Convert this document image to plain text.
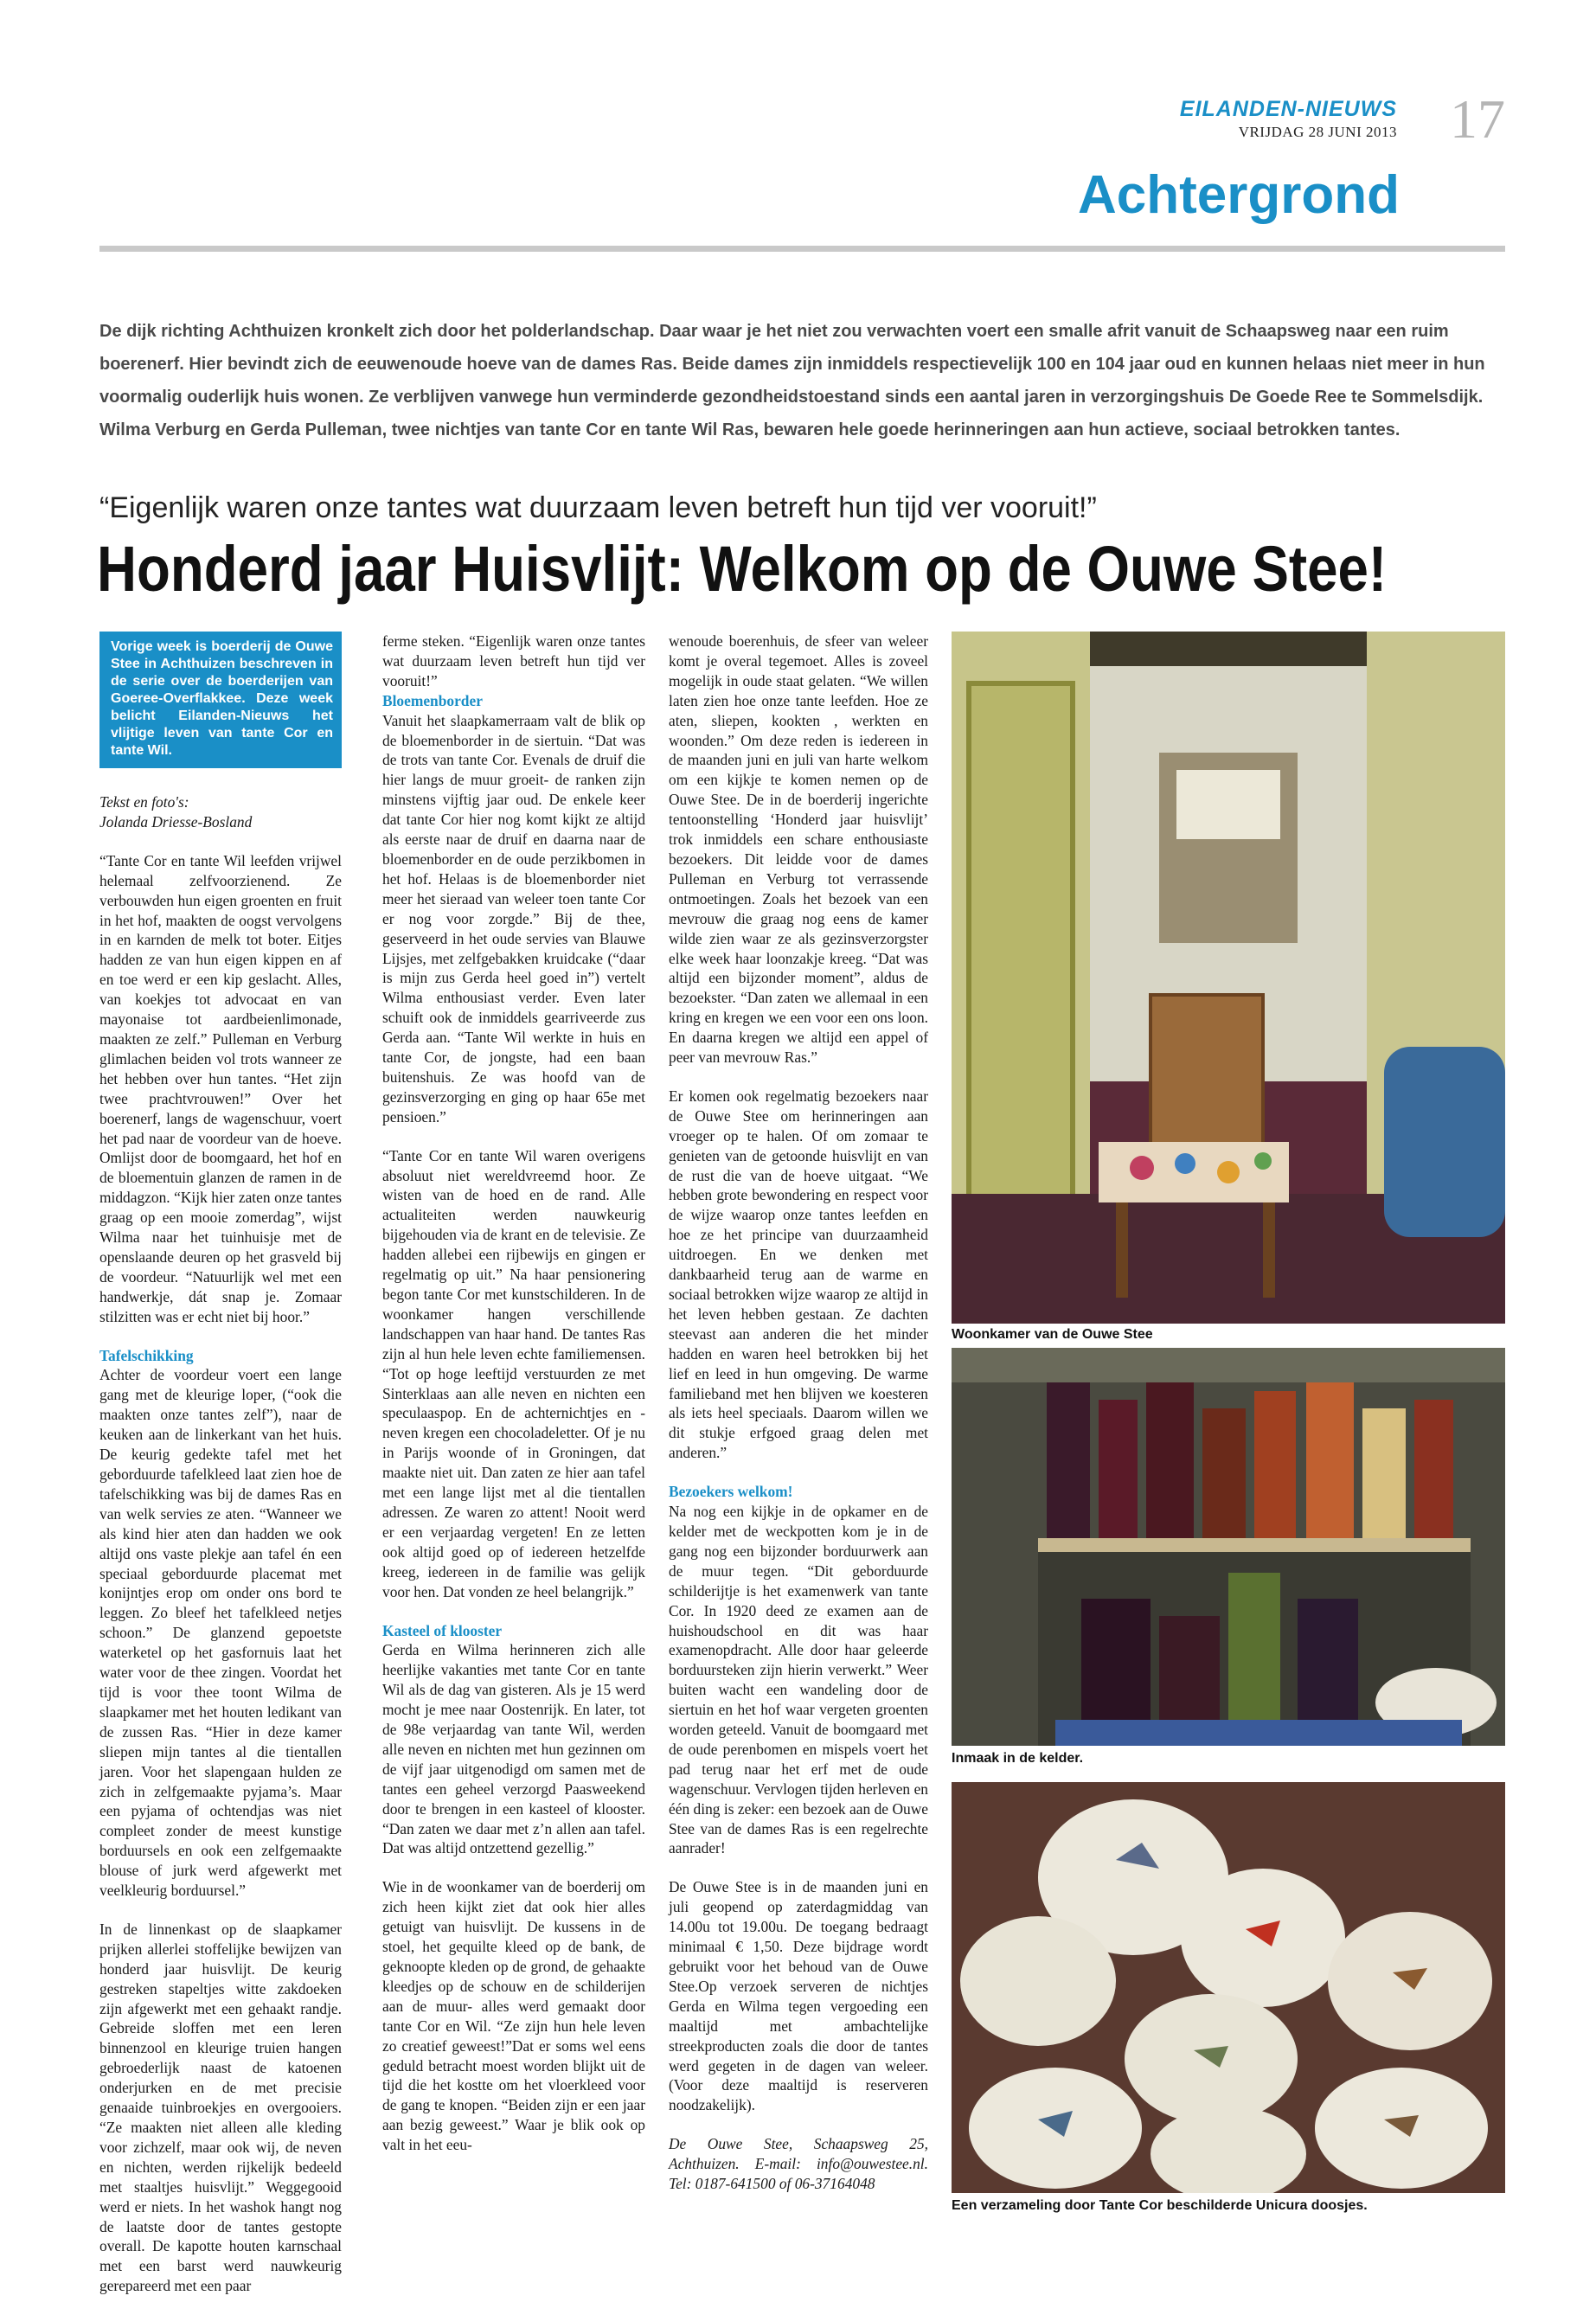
EILANDEN-NIEUWS
VRIJDAG 28 JUNI 2013 17
Achtergrond
De dijk richting Achthuizen kronkelt zich door het polderlandschap. Daar waar je het niet zou verwachten voert een smalle afrit vanuit de Schaapsweg naar een ruim boerenerf. Hier bevindt zich de eeuwenoude hoeve van de dames Ras. Beide dames zijn inmiddels respectievelijk 100 en 104 jaar oud en kunnen helaas niet meer in hun voormalig ouderlijk huis wonen. Ze verblijven vanwege hun verminderde gezondheidstoestand sinds een aantal jaren in verzorgingshuis De Goede Ree te Sommelsdijk. Wilma Verburg en Gerda Pulleman, twee nichtjes van tante Cor en tante Wil Ras, bewaren hele goede herinneringen aan hun actieve, sociaal betrokken tantes.
“Eigenlijk waren onze tantes wat duurzaam leven betreft hun tijd ver vooruit!”
Honderd jaar Huisvlijt: Welkom op de Ouwe Stee!
Vorige week is boerderij de Ouwe Stee in Achthuizen beschreven in de serie over de boerderijen van Goeree-Overflakkee. Deze week belicht Eilanden-Nieuws het vlijtige leven van tante Cor en tante Wil.
Tekst en foto's:
Jolanda Driesse-Bosland

“Tante Cor en tante Wil leefden vrijwel helemaal zelfvoorzienend. Ze verbouwden hun eigen groenten en fruit in het hof, maakten de oogst vervolgens in en karnden de melk tot boter. Eitjes hadden ze van hun eigen kippen en af en toe werd er een kip geslacht. Alles, van koekjes tot advocaat en van mayonaise tot aardbeienlimonade, maakten ze zelf.” Pulleman en Verburg glimlachen beiden vol trots wanneer ze het hebben over hun tantes. “Het zijn twee prachtvrouwen!” Over het boerenerf, langs de wagenschuur, voert het pad naar de voordeur van de hoeve. Omlijst door de boomgaard, het hof en de bloementuin glanzen de ramen in de middagzon. “Kijk hier zaten onze tantes graag op een mooie zomerdag”, wijst Wilma naar het tuinhuisje met de openslaande deuren op het grasveld bij de voordeur. “Natuurlijk wel met een handwerkje, dát snap je. Zomaar stilzitten was er echt niet bij hoor.”

Tafelschikking

Achter de voordeur voert een lange gang met de kleurige loper, (“ook die maakten onze tantes zelf”), naar de keuken aan de linkerkant van het huis. De keurig gedekte tafel met het geborduurde tafelkleed laat zien hoe de tafelschikking was bij de dames Ras en van welk servies ze aten. “Wanneer we als kind hier aten dan hadden we ook altijd ons vaste plekje aan tafel én een speciaal geborduurde placemat met konijntjes erop om onder ons bord te leggen. Zo bleef het tafelkleed netjes schoon.” De glanzend gepoetste waterketel op het gasfornuis laat het water voor de thee zingen. Voordat het tijd is voor thee toont Wilma de slaapkamer met het houten ledikant van de zussen Ras. “Hier in deze kamer sliepen mijn tantes al die tientallen jaren. Voor het slapengaan hulden ze zich in zelfgemaakte pyjama’s. Maar een pyjama of ochtendjas was niet compleet zonder de meest kunstige borduursels en ook een zelfgemaakte blouse of jurk werd afgewerkt met veelkleurig borduursel.”

In de linnenkast op de slaapkamer prijken allerlei stoffelijke bewijzen van honderd jaar huisvlijt. De keurig gestreken stapeltjes witte zakdoeken zijn afgewerkt met een gehaakt randje. Gebreide sloffen met een leren binnenzool en kleurige truien hangen gebroederlijk naast de katoenen onderjurken en de met precisie genaaide tuinbroekjes en overgooiers. “Ze maakten niet alleen alle kleding voor zichzelf, maar ook wij, de neven en nichten, werden rijkelijk bedeeld met staaltjes huisvlijt.” Weggegooid werd er niets. In het washok hangt nog de laatste door de tantes gestopte overall. De kapotte houten karnschaal met een barst werd nauwkeurig gerepareerd met een paar

ferme steken. “Eigenlijk waren onze tantes wat duurzaam leven betreft hun tijd ver vooruit!”

Bloemenborder

Vanuit het slaapkamerraam valt de blik op de bloemenborder in de siertuin. “Dat was de trots van tante Cor. Evenals de druif die hier langs de muur groeit- de ranken zijn minstens vijftig jaar oud. De enkele keer dat tante Cor hier nog komt kijkt ze altijd als eerste naar de druif en daarna naar de bloemenborder en de oude perzikbomen in het hof. Helaas is de bloemenborder niet meer het sieraad van weleer toen tante Cor er nog voor zorgde.” Bij de thee, geserveerd in het oude servies van Blauwe Lijsjes, met zelfgebakken kruidcake (“daar is mijn zus Gerda heel goed in”) vertelt Wilma enthousiast verder. Even later schuift ook de inmiddels gearriveerde zus Gerda aan. “Tante Wil werkte in huis en tante Cor, de jongste, had een baan buitenshuis. Ze was hoofd van de gezinsverzorging en ging op haar 65e met pensioen.”

“Tante Cor en tante Wil waren overigens absoluut niet wereldvreemd hoor. Ze wisten van de hoed en de rand. Alle actualiteiten werden nauwkeurig bijgehouden via de krant en de televisie. Ze hadden allebei een rijbewijs en gingen er regelmatig op uit.” Na haar pensionering begon tante Cor met kunstschilderen. In de woonkamer hangen verschillende landschappen van haar hand. De tantes Ras zijn al hun hele leven echte familiemensen. “Tot op hoge leeftijd verstuurden ze met Sinterklaas aan alle neven en nichten een speculaaspop. En de achternichtjes en -neven kregen een chocoladeletter. Of je nu in Parijs woonde of in Groningen, dat maakte niet uit. Dan zaten ze hier aan tafel met een lange lijst met al die tientallen adressen. Ze waren zo attent! Nooit werd er een verjaardag vergeten! En ze letten ook altijd goed op of iedereen hetzelfde kreeg, iedereen in de familie was gelijk voor hen. Dat vonden ze heel belangrijk.”

Kasteel of klooster

Gerda en Wilma herinneren zich alle heerlijke vakanties met tante Cor en tante Wil als de dag van gisteren. Als je 15 werd mocht je mee naar Oostenrijk. En later, tot de 98e verjaardag van tante Wil, werden alle neven en nichten met hun gezinnen om de vijf jaar uitgenodigd om samen met de tantes een geheel verzorgd Paasweekend door te brengen in een kasteel of klooster. “Dan zaten we daar met z’n allen aan tafel. Dat was altijd ontzettend gezellig.”

Wie in de woonkamer van de boerderij om zich heen kijkt ziet dat ook hier alles getuigt van huisvlijt. De kussens in de stoel, het gequilte kleed op de bank, de geknoopte kleden op de grond, de gehaakte kleedjes op de schouw en de schilderijen aan de muur- alles werd gemaakt door tante Cor en Wil. “Ze zijn hun hele leven zo creatief geweest!”Dat er soms wel eens geduld betracht moest worden blijkt uit de tijd die het kostte om het vloerkleed voor de gang te knopen. “Beiden zijn er een jaar aan bezig geweest.” Waar je blik ook op valt in het eeu-

wenoude boerenhuis, de sfeer van weleer komt je overal tegemoet. Alles is zoveel mogelijk in oude staat gelaten. “We willen laten zien hoe onze tante leefden. Hoe ze aten, sliepen, kookten , werkten en woonden.” Om deze reden is iedereen in de maanden juni en juli van harte welkom om een kijkje te komen nemen op de Ouwe Stee. De in de boerderij ingerichte tentoonstelling ‘Honderd jaar huisvlijt’ trok inmiddels een schare enthousiaste bezoekers. Dit leidde voor de dames Pulleman en Verburg tot verrassende ontmoetingen. Zoals het bezoek van een mevrouw die graag nog eens de kamer wilde zien waar ze als gezinsverzorgster elke week haar loonzakje kreeg. “Dat was altijd een bijzonder moment”, aldus de bezoekster. “Dan zaten we allemaal in een kring en kregen we een voor een ons loon. En daarna kregen we altijd een appel of peer van mevrouw Ras.”

Er komen ook regelmatig bezoekers naar de Ouwe Stee om herinneringen aan vroeger op te halen. Of om zomaar te genieten van de getoonde huisvlijt en van de rust die van de hoeve uitgaat. “We hebben grote bewondering en respect voor de wijze waarop onze tantes leefden en hoe ze het principe van duurzaamheid uitdroegen. En we denken met dankbaarheid terug aan de warme en sociaal betrokken wijze waarop ze altijd in het leven hebben gestaan. Ze dachten steevast aan anderen die het minder hadden en waren heel betrokken bij het lief en leed in hun omgeving. De warme familieband met hen blijven we koesteren als iets heel speciaals. Daarom willen we dit stukje erfgoed graag delen met anderen.”

Bezoekers welkom!

Na nog een kijkje in de opkamer en de kelder met de weckpotten kom je in de gang nog een bijzonder borduurwerk aan de muur tegen. “Dit geborduurde schilderijtje is het examenwerk van tante Cor. In 1920 deed ze examen aan de huishoudschool en dit was haar examenopdracht. Alle door haar geleerde borduursteken zijn hierin verwerkt.” Weer buiten wacht een wandeling door de siertuin en het hof waar vergeten groenten worden geteeld. Vanuit de boomgaard met de oude perenbomen en mispels voert het pad terug naar het erf met de oude wagenschuur. Vervlogen tijden herleven en één ding is zeker: een bezoek aan de Ouwe Stee van de dames Ras is een regelrechte aanrader!

De Ouwe Stee is in de maanden juni en juli geopend op zaterdagmiddag van 14.00u tot 19.00u. De toegang bedraagt minimaal € 1,50. Deze bijdrage wordt gebruikt voor het behoud van de Ouwe Stee.Op verzoek serveren de nichtjes Gerda en Wilma tegen vergoeding een maaltijd met ambachtelijke streekproducten zoals die door de tantes werd gegeten in de dagen van weleer. (Voor deze maaltijd is reserveren noodzakelijk).

De Ouwe Stee, Schaapsweg 25, Achthuizen. E-mail: info@ouwestee.nl. Tel: 0187-641500 of 06-37164048
Woonkamer van de Ouwe Stee
Inmaak in de kelder.
Een verzameling door Tante Cor beschilderde Unicura doosjes.
